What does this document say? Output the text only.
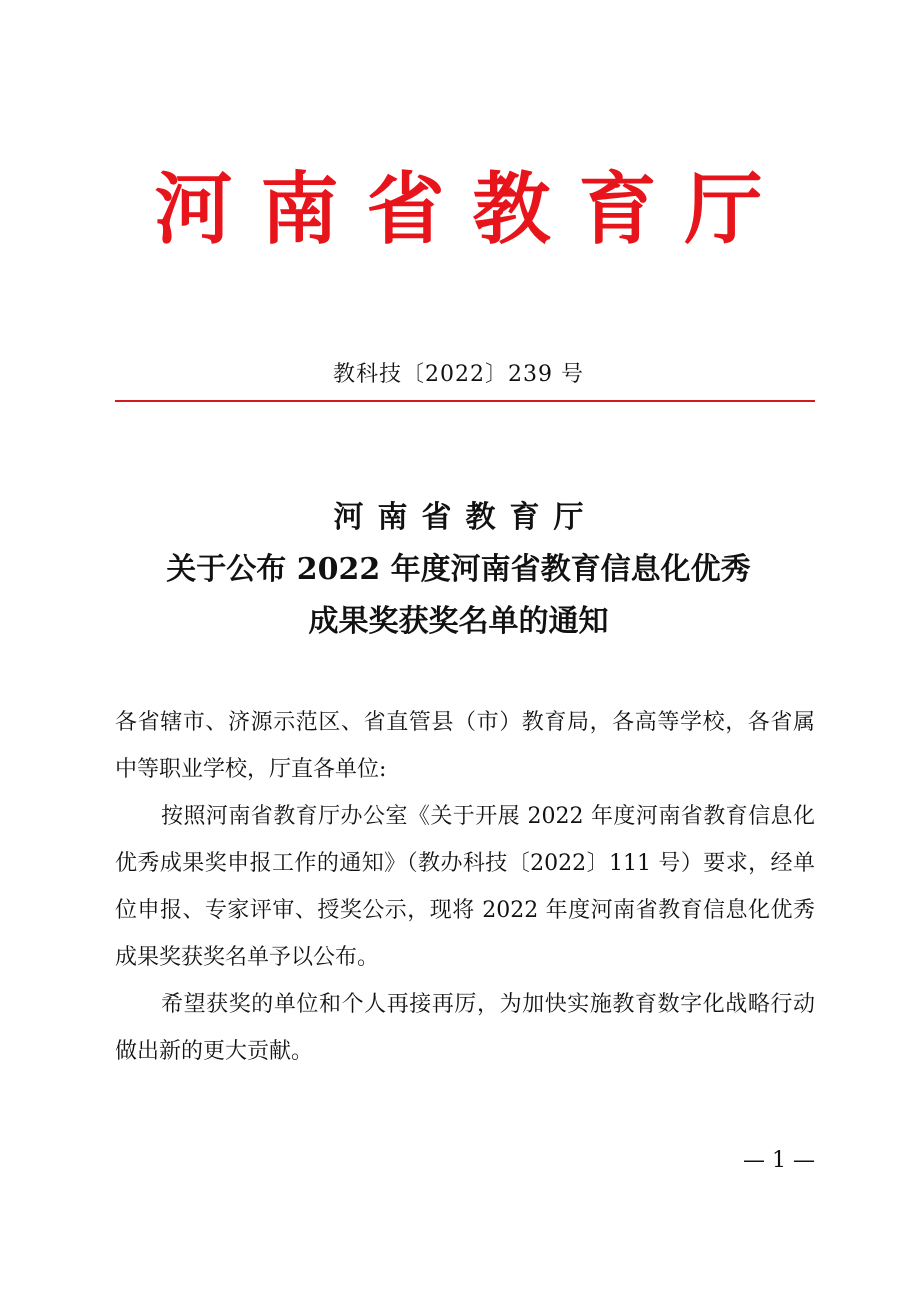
河南省教育厅
教科技〔2022〕239 号
河南省教育厅
关于公布 2022 年度河南省教育信息化优秀
成果奖获奖名单的通知

各省辖市、济源示范区、省直管县（市）教育局，各高等学校，各省属中等职业学校，厅直各单位:

按照河南省教育厅办公室《关于开展 2022 年度河南省教育信息化优秀成果奖申报工作的通知》（教办科技〔2022〕111 号）要求，经单位申报、专家评审、授奖公示，现将 2022 年度河南省教育信息化优秀成果奖获奖名单予以公布。

希望获奖的单位和个人再接再厉，为加快实施教育数字化战略行动做出新的更大贡献。

— 1 —
